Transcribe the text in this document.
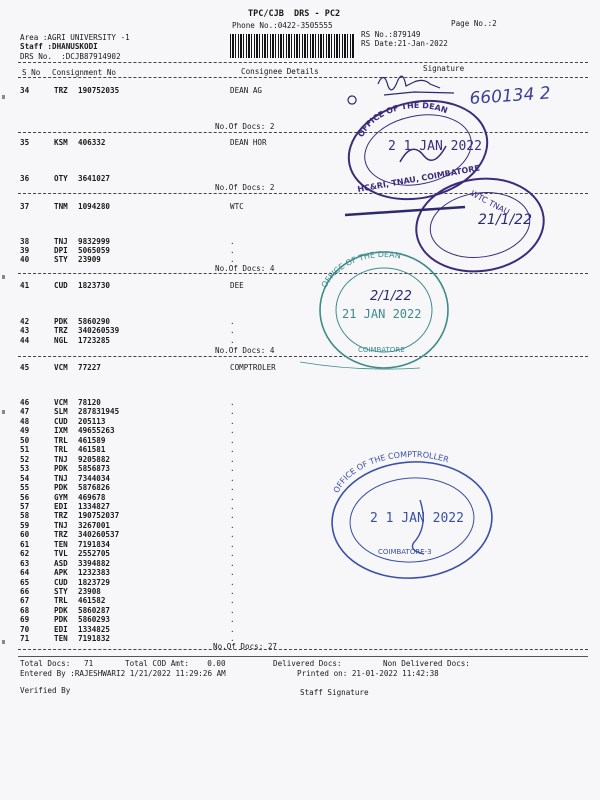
TPC/CJB  DRS - PC2
Phone No.:0422-3505555	Page No.:2
Area :AGRI UNIVERSITY -1
Staff :DHANUSKODI
DRS No.  :DCJB87914902
RS No.:879149
RS Date:21-Jan-2022
S No Consignment No	Consignee Details	Signature
34	TRZ 190752035	DEAN AG
35	KSM 406332	DEAN HOR
36	OTY 3641027
37	TNM 1094280	WTC
38	TNJ 9832999	.
39	DPI 5065059	.
40	STY 23909	.
41	CUD 1823730	DEE
42	PDK 5860290	.
43	TRZ 340260539	.
44	NGL 1723285	.
45	VCM 77227	COMPTROLER
46	VCM 78120	.
47	SLM 287831945	.
48	CUD 205113	.
49	IXM 49655263	.
50	TRL 461589	.
51	TRL 461581	.
52	TNJ 9205882	.
53	PDK 5856873	.
54	TNJ 7344034	.
55	PDK 5876826	.
56	GYM 469678	.
57	EDI 1334827	.
58	TRZ 190752037	.
59	TNJ 3267001	.
60	TRZ 340260537	.
61	TEN 7191834	.
62	TVL 2552705	.
63	ASD 3394882	.
64	APK 1232383	.
65	CUD 1823729	.
66	STY 23908	.
67	TRL 461582	.
68	PDK 5860287	.
69	PDK 5860293	.
70	EDI 1334825	.
71	TEN 7191832	.
No.Of Docs: 2
No.Of Docs: 2
No.Of Docs: 4
No.Of Docs: 4
No.Of Docs: 27
Total Docs:   71	Total COD Amt:    0.00	Delivered Docs:	Non Delivered Docs:
Entered By :RAJESHWARI2 1/21/2022 11:29:26 AM	Printed on: 21-01-2022 11:42:38
Verified By	Staff Signature
660134 2
OFFICE OF THE DEAN
2 1 JAN 2022
HC&RI, TNAU, COIMBATORE
WTC TNAU
21/1/22
OFFICE OF THE DEAN
21 JAN 2022
COIMBATORE
2/1/22
OFFICE OF THE COMPTROLLER
2 1 JAN 2022
COIMBATORE-3
